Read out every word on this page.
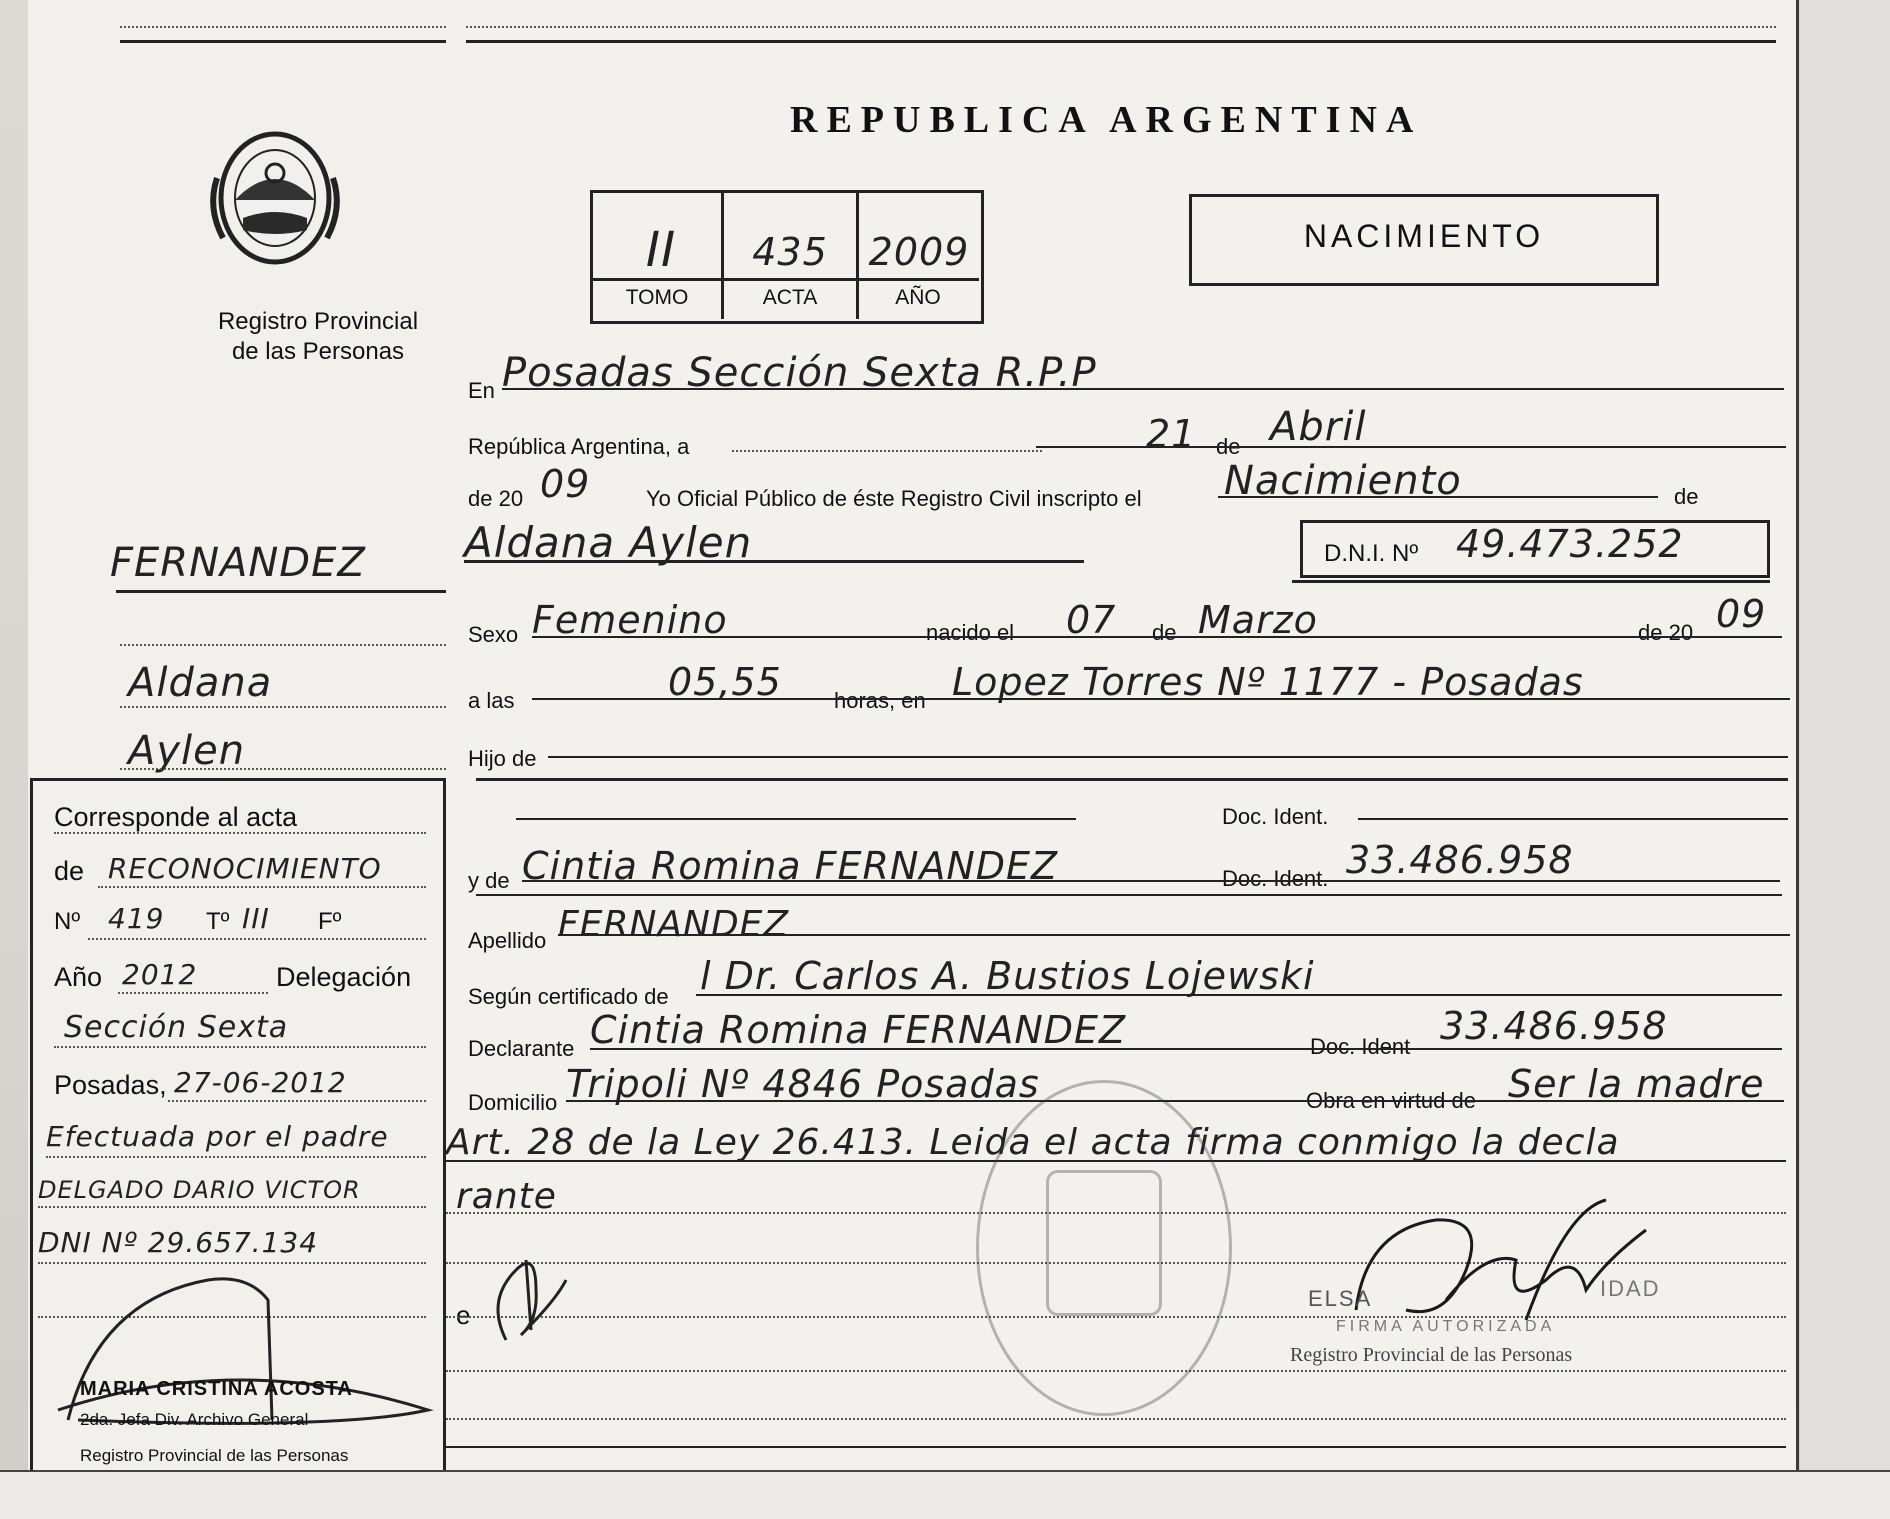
Registro Provincial
de las Personas
FERNANDEZ
Aldana
Aylen
Corresponde al acta
de RECONOCIMIENTO
Nº 419 Tº III Fº
Año 2012	Delegación
Sección Sexta
Posadas, 27-06-2012
Efectuada por el padre
DELGADO DARIO VICTOR
DNI Nº 29.657.134
MARIA CRISTINA ACOSTA
2da. Jefa Div. Archivo General
Registro Provincial de las Personas
REPUBLICA ARGENTINA
II	435	2009
TOMO	ACTA	AÑO
NACIMIENTO
En Posadas Sección Sexta R.P.P
República Argentina, a	21 de Abril
de 20 09	Yo Oficial Público de éste Registro Civil inscripto el Nacimiento	de
Aldana Aylen	D.N.I. Nº 49.473.252
Sexo Femenino	nacido el 07 de Marzo	de 20 09
a las	05,55 horas, en Lopez Torres Nº 1177 - Posadas
Hijo de
Doc. Ident.
y de Cintia Romina FERNANDEZ	Doc. Ident. 33.486.958
Apellido FERNANDEZ
Según certificado de l Dr. Carlos A. Bustios Lojewski
Declarante Cintia Romina FERNANDEZ	Doc. Ident 33.486.958
Domicilio Tripoli Nº 4846 Posadas	Obra en virtud de Ser la madre
Art. 28 de la Ley 26.413. Leida el acta firma conmigo la decla
rante
e
ELSA	IDAD
FIRMA AUTORIZADA
Registro Provincial de las Personas
